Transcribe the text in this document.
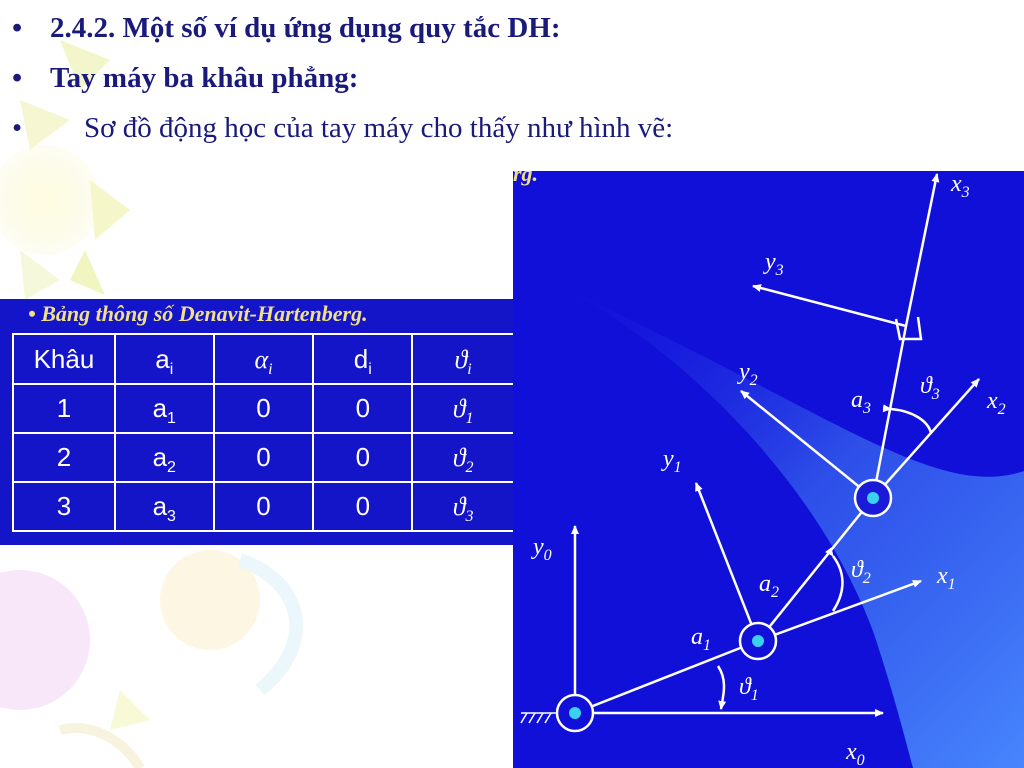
• 2.4.2. Một số ví dụ ứng dụng quy tắc DH:
• Tay máy ba khâu phẳng:
• Sơ đồ động học của tay máy cho thấy như hình vẽ:
• Bảng thông số Denavit-Hartenberg.
Khâu	$a_i$	$\alpha_i$	$d_i$	$ϑ_i$
1	$a_1$	0	0	$ϑ_1$
2	$a_2$	0	0	$ϑ_2$
3	$a_3$	0	0	$ϑ_3$
rg.
$x_0$
$y_0$
$x_1$
$y_1$
$x_2$
$y_2$
$x_3$
$y_3$
$a_1$
$a_2$
$a_3$
$ϑ_1$
$ϑ_2$
$ϑ_3$
